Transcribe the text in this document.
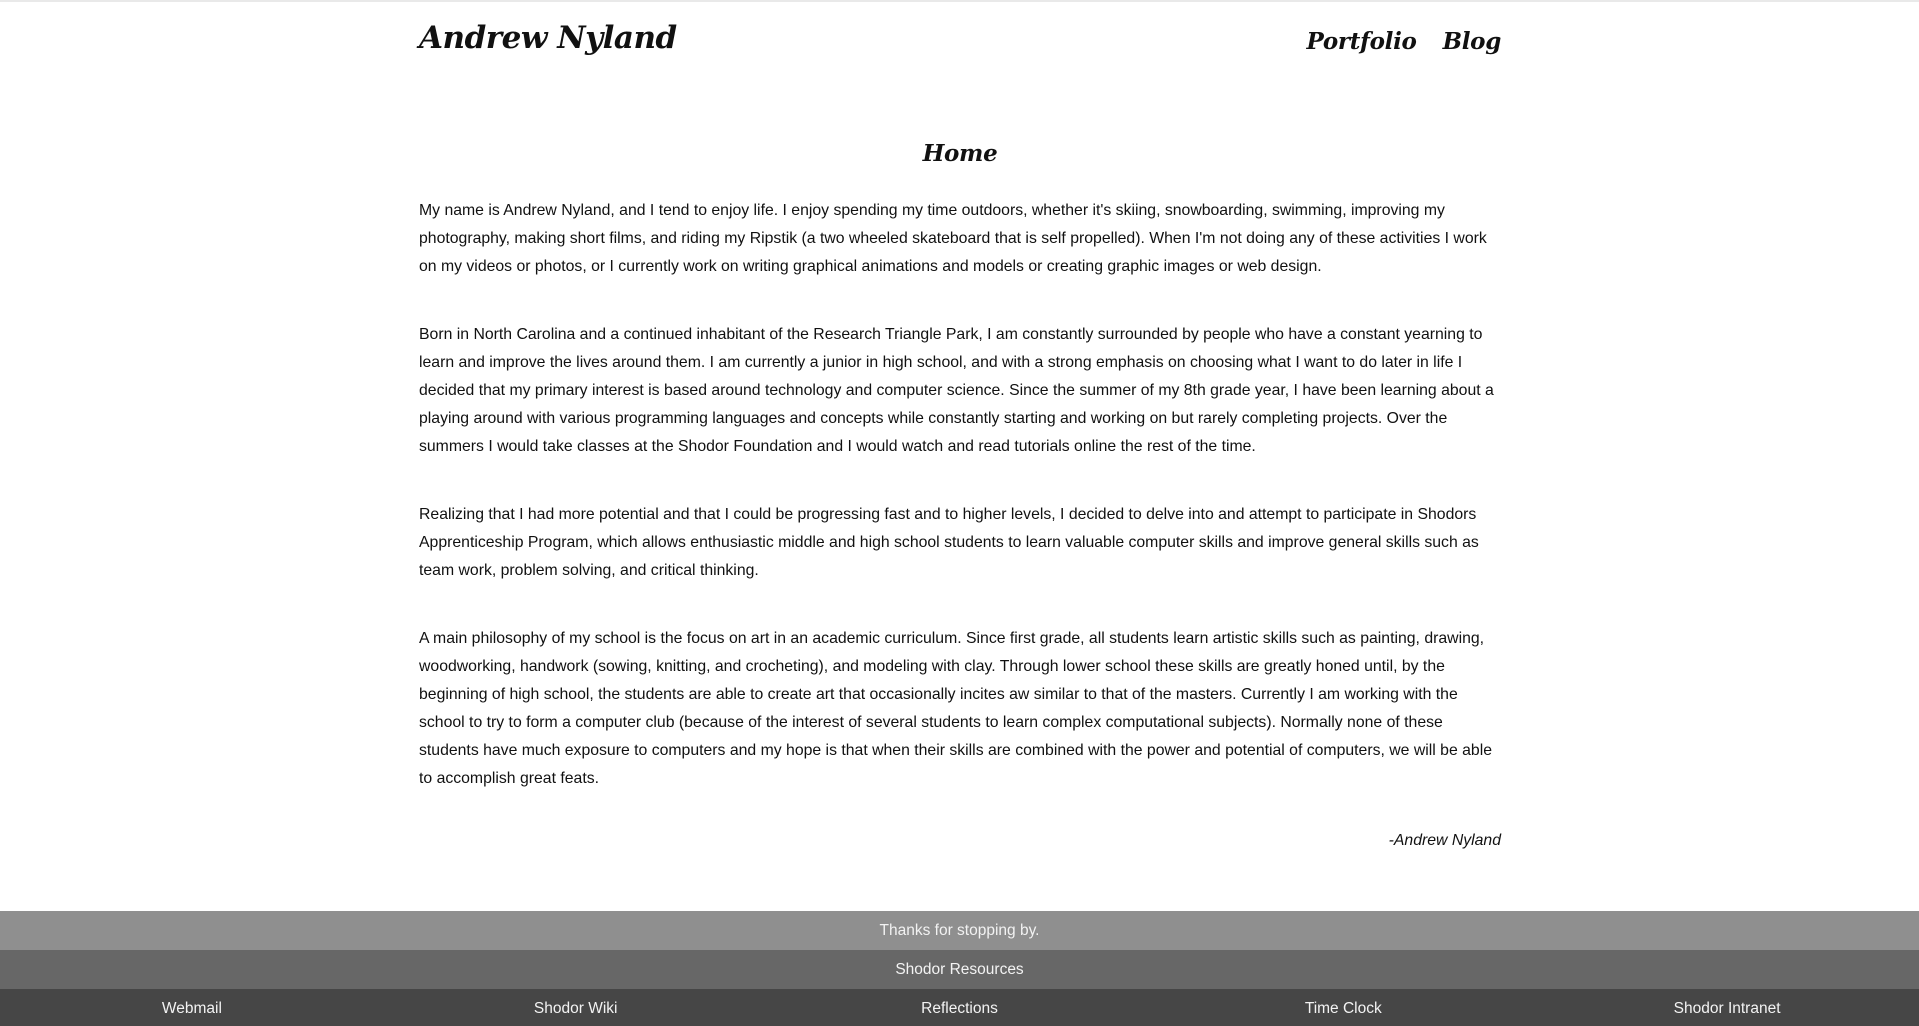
Andrew Nyland	Portfolio Blog
Home

My name is Andrew Nyland, and I tend to enjoy life. I enjoy spending my time outdoors, whether it's skiing, snowboarding, swimming, improving my photography, making short films, and riding my Ripstik (a two wheeled skateboard that is self propelled). When I'm not doing any of these activities I work on my videos or photos, or I currently work on writing graphical animations and models or creating graphic images or web design.

Born in North Carolina and a continued inhabitant of the Research Triangle Park, I am constantly surrounded by people who have a constant yearning to learn and improve the lives around them. I am currently a junior in high school, and with a strong emphasis on choosing what I want to do later in life I decided that my primary interest is based around technology and computer science. Since the summer of my 8th grade year, I have been learning about a playing around with various programming languages and concepts while constantly starting and working on but rarely completing projects. Over the summers I would take classes at the Shodor Foundation and I would watch and read tutorials online the rest of the time.

Realizing that I had more potential and that I could be progressing fast and to higher levels, I decided to delve into and attempt to participate in Shodors Apprenticeship Program, which allows enthusiastic middle and high school students to learn valuable computer skills and improve general skills such as team work, problem solving, and critical thinking.

A main philosophy of my school is the focus on art in an academic curriculum. Since first grade, all students learn artistic skills such as painting, drawing, woodworking, handwork (sowing, knitting, and crocheting), and modeling with clay. Through lower school these skills are greatly honed until, by the beginning of high school, the students are able to create art that occasionally incites aw similar to that of the masters. Currently I am working with the school to try to form a computer club (because of the interest of several students to learn complex computational subjects). Normally none of these students have much exposure to computers and my hope is that when their skills are combined with the power and potential of computers, we will be able to accomplish great feats.

-Andrew Nyland
Thanks for stopping by.
Shodor Resources
Webmail	Shodor Wiki	Reflections	Time Clock	Shodor Intranet
